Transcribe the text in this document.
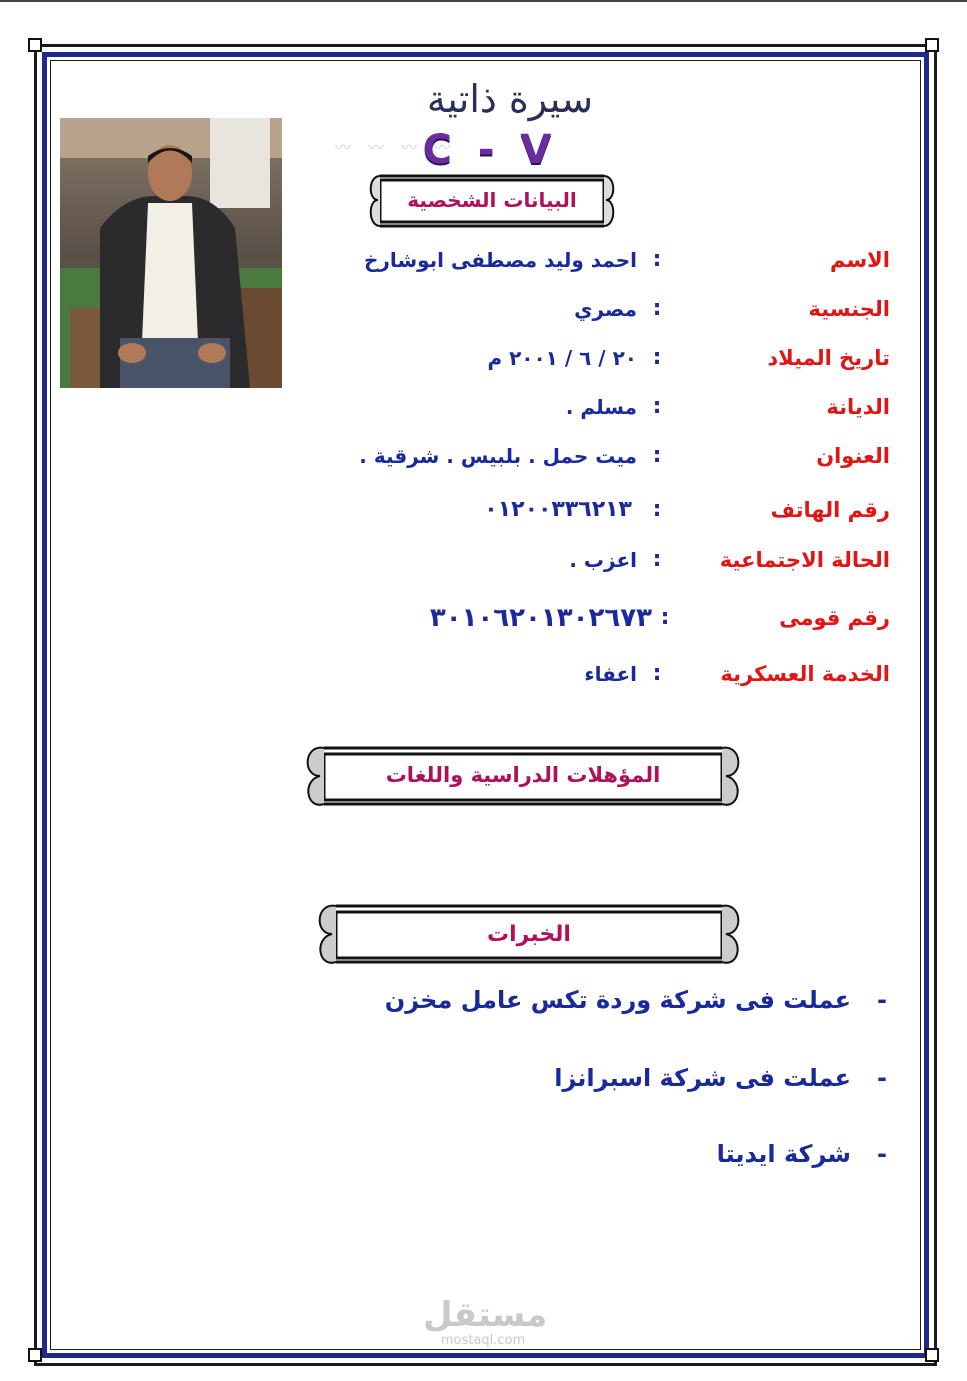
〰 〰 〰 〰
سيرة ذاتية
C - V
البيانات الشخصية
الاسم
:
احمد وليد مصطفى ابوشارخ
الجنسية
:
مصري
تاريخ الميلاد
:
٢٠ / ٦ / ٢٠٠١ م
الديانة
:
مسلم .
العنوان
:
ميت حمل . بلبيس . شرقية .
رقم الهاتف
:
٠١٢٠٠٣٣٦٢١٣
الحالة الاجتماعية
:
اعزب .
رقم قومى
:
٣٠١٠٦٢٠١٣٠٢٦٧٣
الخدمة العسكرية
:
اعفاء
المؤهلات الدراسية واللغات
الخبرات
-عملت فى شركة وردة تكس عامل مخزن
-عملت فى شركة اسبرانزا
-شركة ايديتا
مستقل
mostaql.com
